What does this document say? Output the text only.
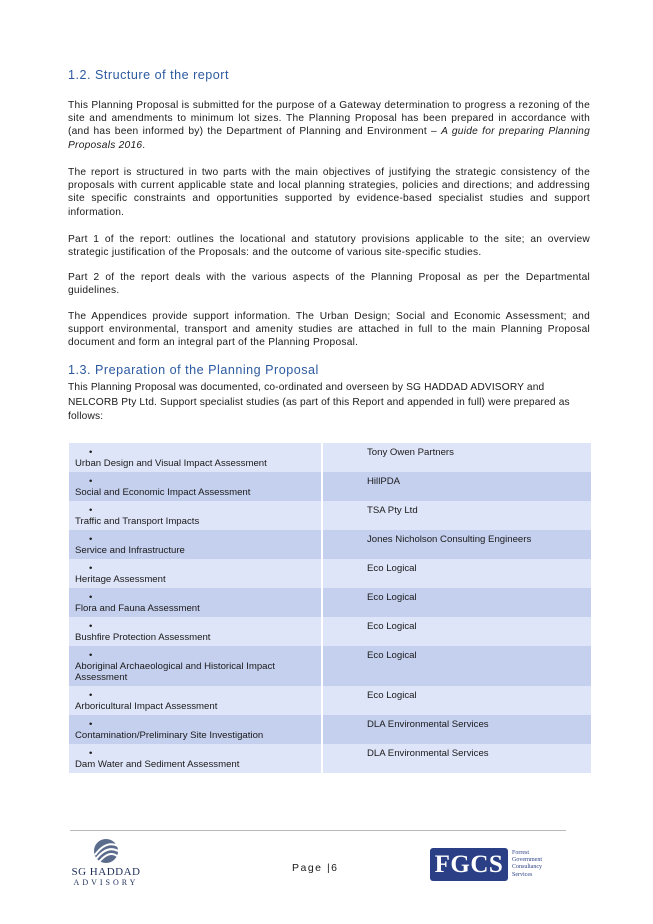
1.2. Structure of the report

This Planning Proposal is submitted for the purpose of a Gateway determination to progress a rezoning of the site and amendments to minimum lot sizes. The Planning Proposal has been prepared in accordance with (and has been informed by) the Department of Planning and Environment – A guide for preparing Planning Proposals 2016.

The report is structured in two parts with the main objectives of justifying the strategic consistency of the proposals with current applicable state and local planning strategies, policies and directions; and addressing site specific constraints and opportunities supported by evidence-based specialist studies and support information.

Part 1 of the report: outlines the locational and statutory provisions applicable to the site; an overview strategic justification of the Proposals: and the outcome of various site-specific studies.

Part 2 of the report deals with the various aspects of the Planning Proposal as per the Departmental guidelines.

The Appendices provide support information. The Urban Design; Social and Economic Assessment; and support environmental, transport and amenity studies are attached in full to the main Planning Proposal document and form an integral part of the Planning Proposal.

1.3. Preparation of the Planning Proposal

This Planning Proposal was documented, co-ordinated and overseen by SG HADDAD ADVISORY and NELCORB Pty Ltd. Support specialist studies (as part of this Report and appended in full) were prepared as follows:

•Urban Design and Visual Impact Assessment	Tony Owen Partners
•Social and Economic Impact Assessment	HillPDA
•Traffic and Transport Impacts	TSA Pty Ltd
•Service and Infrastructure	Jones Nicholson Consulting Engineers
•Heritage Assessment	Eco Logical
•Flora and Fauna Assessment	Eco Logical
•Bushfire Protection Assessment	Eco Logical
•Aboriginal Archaeological and Historical Impact Assessment	Eco Logical
•Arboricultural Impact Assessment	Eco Logical
•Contamination/Preliminary Site Investigation	DLA Environmental Services
•Dam Water and Sediment Assessment	DLA Environmental Services
SG HADDAD
ADVISORY
Page |6	FGCS	Forrest
Government
Consultancy
Services
